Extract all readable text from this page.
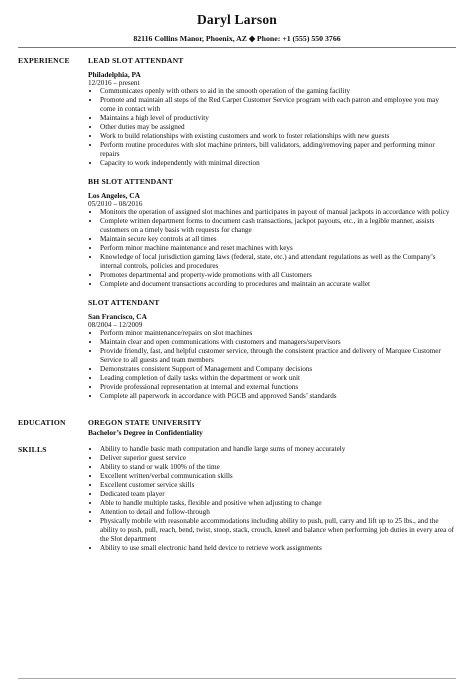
Daryl Larson
82116 Collins Manor, Phoenix, AZ ◆ Phone: +1 (555) 550 3766
EXPERIENCE	LEAD SLOT ATTENDANT
Philadelphia, PA
12/2016 – present
• Communicates openly with others to aid in the smooth operation of the gaming facility
• Promote and maintain all steps of the Red Carpet Customer Service program with each patron and employee you may come in contact with
• Maintains a high level of productivity
• Other duties may be assigned
• Work to build relationships with existing customers and work to foster relationships with new guests
• Perform routine procedures with slot machine printers, bill validators, adding/removing paper and performing minor repairs
• Capacity to work independently with minimal direction
BH SLOT ATTENDANT
Los Angeles, CA
05/2010 – 08/2016
• Monitors the operation of assigned slot machines and participates in payout of manual jackpots in accordance with policy
• Complete written department forms to document cash transactions, jackpot payouts, etc., in a legible manner, assists customers on a timely basis with requests for change
• Maintain secure key controls at all times
• Perform minor machine maintenance and reset machines with keys
• Knowledge of local jurisdiction gaming laws (federal, state, etc.) and attendant regulations as well as the Company’s internal controls, policies and procedures
• Promotes departmental and property-wide promotions with all Customers
• Complete and document transactions according to procedures and maintain an accurate wallet
SLOT ATTENDANT
San Francisco, CA
08/2004 – 12/2009
• Perform minor maintenance/repairs on slot machines
• Maintain clear and open communications with customers and managers/supervisors
• Provide friendly, fast, and helpful customer service, through the consistent practice and delivery of Marquee Customer Service to all guests and team members
• Demonstrates consistent Support of Management and Company decisions
• Leading completion of daily tasks within the department or work unit
• Provide professional representation at internal and external functions
• Complete all paperwork in accordance with PGCB and approved Sands’ standards
EDUCATION	OREGON STATE UNIVERSITY
Bachelor’s Degree in Confidentiality
SKILLS
•	Ability to handle basic math computation and handle large sums of money accurately
• Deliver superior guest service
• Ability to stand or walk 100% of the time
• Excellent written/verbal communication skills
• Excellent customer service skills
• Dedicated team player
• Able to handle multiple tasks, flexible and positive when adjusting to change
• Attention to detail and follow-through
• Physically mobile with reasonable accommodations including ability to push, pull, carry and lift up to 25 lbs., and the ability to push, pull, reach, bend, twist, stoop, stack, crouch, kneel and balance when performing job duties in every area of the Slot department
• Ability to use small electronic hand held device to retrieve work assignments
